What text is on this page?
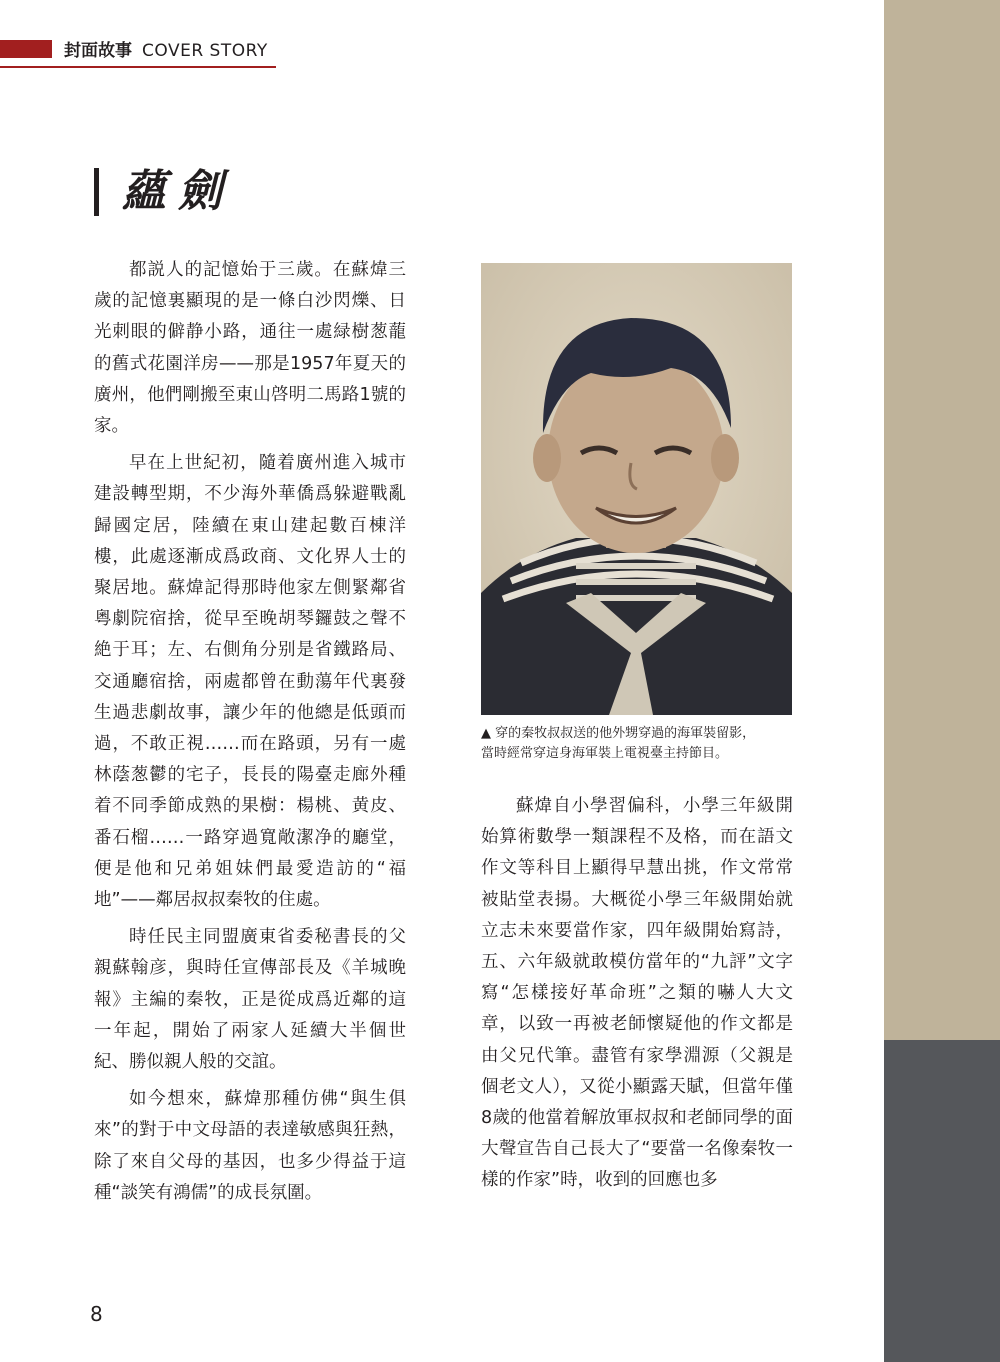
封面故事 COVER STORY
蘊劍

都説人的記憶始于三歲。在蘇煒三歲的記憶裏顯現的是一條白沙閃爍、日光刺眼的僻静小路，通往一處緑樹葱蘢的舊式花園洋房——那是1957年夏天的廣州，他們剛搬至東山啓明二馬路1號的家。

早在上世紀初，隨着廣州進入城市建設轉型期，不少海外華僑爲躲避戰亂歸國定居，陸續在東山建起數百棟洋樓，此處逐漸成爲政商、文化界人士的聚居地。蘇煒記得那時他家左側緊鄰省粵劇院宿捨，從早至晚胡琴鑼鼓之聲不絶于耳；左、右側角分别是省鐵路局、交通廳宿捨，兩處都曾在動蕩年代裏發生過悲劇故事，讓少年的他總是低頭而過，不敢正視……而在路頭，另有一處林蔭葱鬱的宅子，長長的陽臺走廊外種着不同季節成熟的果樹：楊桃、黄皮、番石榴……一路穿過寬敞潔净的廳堂，便是他和兄弟姐妹們最愛造訪的“福地”——鄰居叔叔秦牧的住處。

時任民主同盟廣東省委秘書長的父親蘇翰彦，與時任宣傳部長及《羊城晚報》主編的秦牧，正是從成爲近鄰的這一年起，開始了兩家人延續大半個世紀、勝似親人般的交誼。

如今想來，蘇煒那種仿佛“與生俱來”的對于中文母語的表達敏感與狂熱，除了來自父母的基因，也多少得益于這種“談笑有鴻儒”的成長氛圍。

▲ 穿的秦牧叔叔送的他外甥穿過的海軍裝留影，
當時經常穿這身海軍裝上電視臺主持節目。

蘇煒自小學習偏科，小學三年級開始算術數學一類課程不及格，而在語文作文等科目上顯得早慧出挑，作文常常被貼堂表揚。大概從小學三年級開始就立志未來要當作家，四年級開始寫詩，五、六年級就敢模仿當年的“九評”文字寫“怎樣接好革命班”之類的嚇人大文章，以致一再被老師懷疑他的作文都是由父兄代筆。盡管有家學淵源（父親是個老文人），又從小顯露天賦，但當年僅8歲的他當着解放軍叔叔和老師同學的面大聲宣告自己長大了“要當一名像秦牧一樣的作家”時，收到的回應也多

8
